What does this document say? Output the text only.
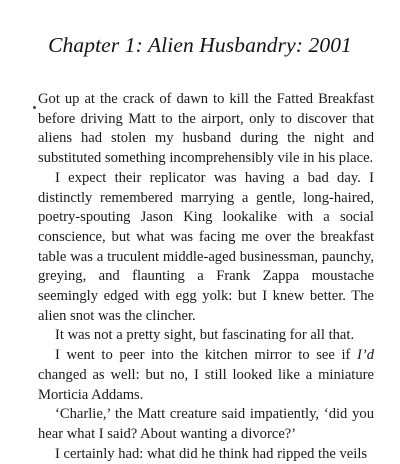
Chapter 1: Alien Husbandry: 2001

Got up at the crack of dawn to kill the Fatted Breakfast before driving Matt to the airport, only to discover that aliens had stolen my husband during the night and substituted something incomprehensibly vile in his place.

I expect their replicator was having a bad day. I distinctly remembered marrying a gentle, long-haired, poetry-spouting Jason King lookalike with a social conscience, but what was facing me over the breakfast table was a truculent middle-aged businessman, paunchy, greying, and flaunting a Frank Zappa moustache seemingly edged with egg yolk: but I knew better. The alien snot was the clincher.

It was not a pretty sight, but fascinating for all that.

I went to peer into the kitchen mirror to see if I’d changed as well: but no, I still looked like a miniature Morticia Addams.

‘Charlie,’ the Matt creature said impatiently, ‘did you hear what I said? About wanting a divorce?’

I certainly had: what did he think had ripped the veils
